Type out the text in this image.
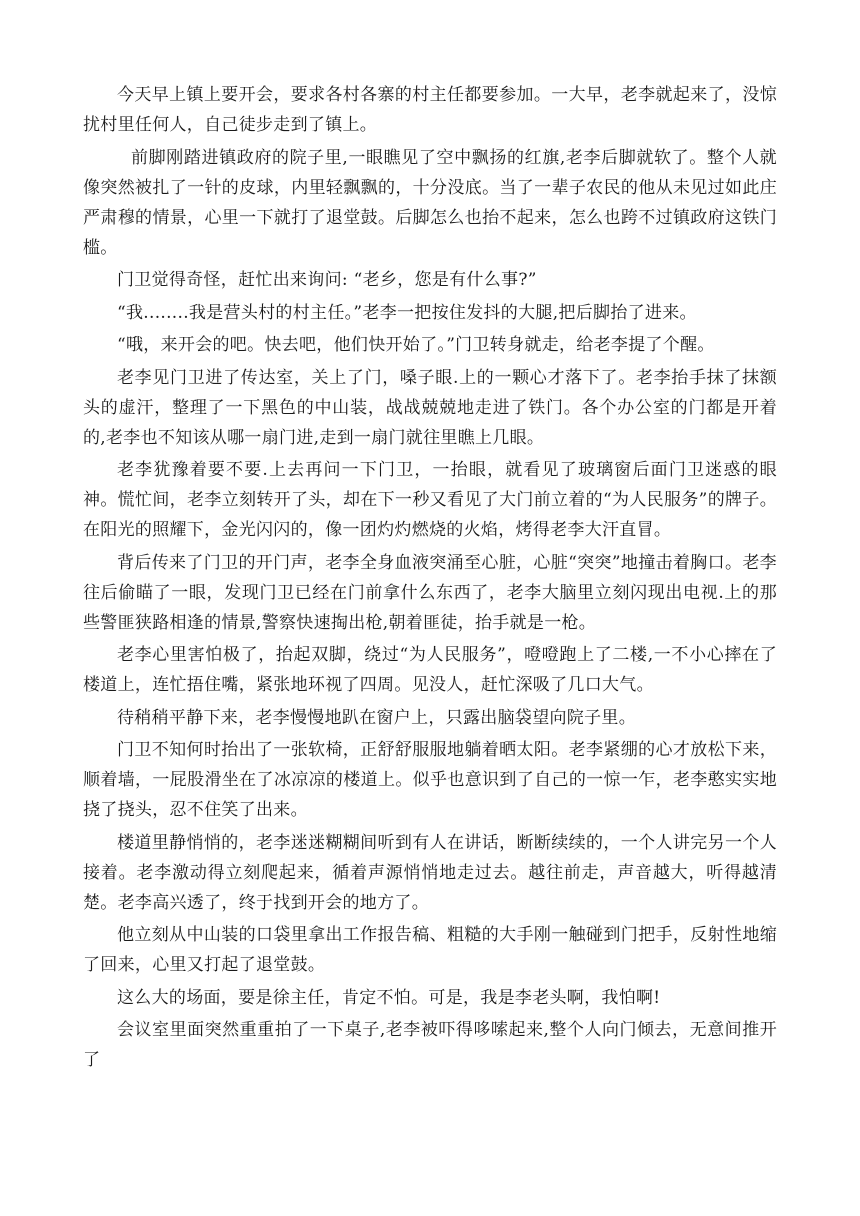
今天早上镇上要开会，要求各村各寨的村主任都要参加。一大早，老李就起来了，没惊扰村里任何人，自己徒步走到了镇上。

前脚刚踏进镇政府的院子里,一眼瞧见了空中飘扬的红旗,老李后脚就软了。整个人就像突然被扎了一针的皮球，内里轻飘飘的，十分没底。当了一辈子农民的他从未见过如此庄严肃穆的情景，心里一下就打了退堂鼓。后脚怎么也抬不起来，怎么也跨不过镇政府这铁门槛。

门卫觉得奇怪，赶忙出来询问: “老乡，您是有什么事?”

“我........我是营头村的村主任。”老李一把按住发抖的大腿,把后脚抬了进来。

“哦，来开会的吧。快去吧，他们快开始了。”门卫转身就走，给老李提了个醒。

老李见门卫进了传达室，关上了门，嗓子眼.上的一颗心才落下了。老李抬手抹了抹额头的虚汗，整理了一下黑色的中山装，战战兢兢地走进了铁门。各个办公室的门都是开着的,老李也不知该从哪一扇门进,走到一扇门就往里瞧上几眼。

老李犹豫着要不要.上去再问一下门卫，一抬眼，就看见了玻璃窗后面门卫迷惑的眼神。慌忙间，老李立刻转开了头，却在下一秒又看见了大门前立着的“为人民服务”的牌子。在阳光的照耀下，金光闪闪的，像一团灼灼燃烧的火焰，烤得老李大汗直冒。

背后传来了门卫的开门声，老李全身血液突涌至心脏，心脏“突突”地撞击着胸口。老李往后偷瞄了一眼，发现门卫已经在门前拿什么东西了，老李大脑里立刻闪现出电视.上的那些警匪狭路相逢的情景,警察快速掏出枪,朝着匪徒，抬手就是一枪。

老李心里害怕极了，抬起双脚，绕过“为人民服务”，噔噔跑上了二楼,一不小心摔在了楼道上，连忙捂住嘴，紧张地环视了四周。见没人，赶忙深吸了几口大气。

待稍稍平静下来，老李慢慢地趴在窗户上，只露出脑袋望向院子里。

门卫不知何时抬出了一张软椅，正舒舒服服地躺着晒太阳。老李紧绷的心才放松下来，顺着墙，一屁股滑坐在了冰凉凉的楼道上。似乎也意识到了自己的一惊一乍，老李憨实实地挠了挠头，忍不住笑了出来。

楼道里静悄悄的，老李迷迷糊糊间听到有人在讲话，断断续续的，一个人讲完另一个人接着。老李激动得立刻爬起来，循着声源悄悄地走过去。越往前走，声音越大，听得越清楚。老李高兴透了，终于找到开会的地方了。

他立刻从中山装的口袋里拿出工作报告稿、粗糙的大手刚一触碰到门把手，反射性地缩了回来，心里又打起了退堂鼓。

这么大的场面，要是徐主任，肯定不怕。可是，我是李老头啊，我怕啊!

会议室里面突然重重拍了一下桌子,老李被吓得哆嗦起来,整个人向门倾去，无意间推开了
